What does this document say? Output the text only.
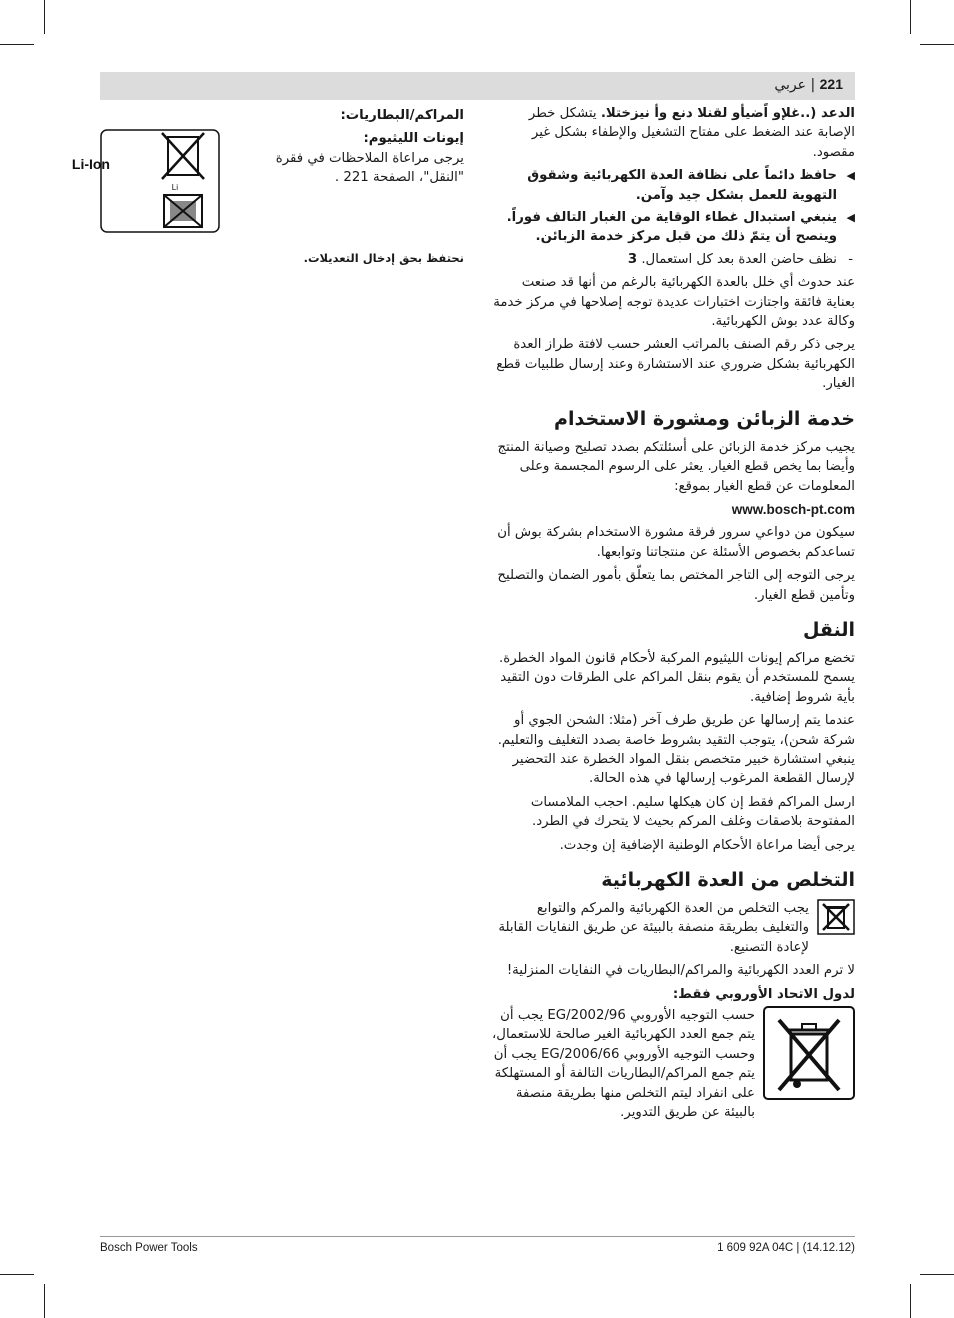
221 | عربي

الدعد (..غلإو اًضيأو لقنلا دنع وأ نيزختلا. يتشكل خطر الإصابة عند الضغط على مفتاح التشغيل والإطفاء بشكل غير مقصود.

◀
حافظ دائماً على نظافة العدة الكهربائية وشقوق التهوية للعمل بشكل جيد وآمن.
◀
ينبغي استبدال غطاء الوقاية من الغبار التالف فوراً. وينصح أن يتمّ ذلك من قبل مركز خدمة الزبائن.
-
نظف حاضن العدة بعد كل استعمال. 3

عند حدوث أي خلل بالعدة الكهربائية بالرغم من أنها قد صنعت بعناية فائقة واجتازت اختبارات عديدة توجه إصلاحها في مركز خدمة وكالة عدد بوش الكهربائية.

يرجى ذكر رقم الصنف بالمراتب العشر حسب لافتة طراز العدة الكهربائية بشكل ضروري عند الاستشارة وعند إرسال طلبيات قطع الغيار.

خدمة الزبائن ومشورة الاستخدام

يجيب مركز خدمة الزبائن على أسئلتكم بصدد تصليح وصيانة المنتج وأيضا بما يخص قطع الغيار. يعثر على الرسوم المجسمة وعلى المعلومات عن قطع الغيار بموقع:

www.bosch-pt.com

سيكون من دواعي سرور فرقة مشورة الاستخدام بشركة بوش أن تساعدكم بخصوص الأسئلة عن منتجاتنا وتوابعها.

يرجى التوجه إلى التاجر المختص بما يتعلّق بأمور الضمان والتصليح وتأمين قطع الغيار.

النقل

تخضع مراكم إيونات الليثيوم المركبة لأحكام قانون المواد الخطرة. يسمح للمستخدم أن يقوم بنقل المراكم على الطرقات دون التقيد بأية شروط إضافية.

عندما يتم إرسالها عن طريق طرف آخر (مثلا: الشحن الجوي أو شركة شحن)، يتوجب التقيد بشروط خاصة بصدد التغليف والتعليم. ينبغي استشارة خبير متخصص بنقل المواد الخطرة عند التحضير لإرسال القطعة المرغوب إرسالها في هذه الحالة.

ارسل المراكم فقط إن كان هيكلها سليم. احجب الملامسات المفتوحة بلاصقات وغلف المركم بحيث لا يتحرك في الطرد.

يرجى أيضا مراعاة الأحكام الوطنية الإضافية إن وجدت.

التخلص من العدة الكهربائية

يجب التخلص من العدة الكهربائية والمركم والتوابع والتغليف بطريقة منصفة بالبيئة عن طريق النفايات القابلة لإعادة التصنيع.

لا ترم العدد الكهربائية والمراكم/البطاريات في النفايات المنزلية!

لدول الاتحاد الأوروبي فقط:

حسب التوجيه الأوروبي 2002/96/EG يجب أن يتم جمع العدد الكهربائية الغير صالحة للاستعمال، وحسب التوجيه الأوروبي 2006/66/EG يجب أن يتم جمع المراكم/البطاريات التالفة أو المستهلكة على انفراد ليتم التخلص منها بطريقة منصفة بالبيئة عن طريق التدوير.

المراكم/البطاريات:

إيونات الليثيوم:
يرجى مراعاة الملاحظات في فقرة "النقل"، الصفحة 221 .

Li-Ion
Li

نحتفظ بحق إدخال التعديلات.

Bosch Power Tools	1 609 92A 04C | (14.12.12)
